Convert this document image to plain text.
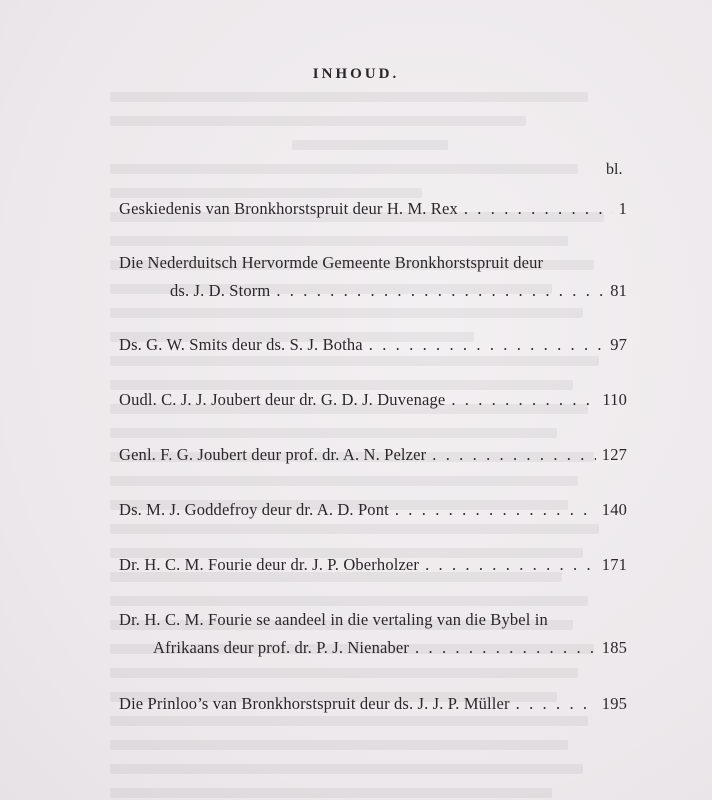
INHOUD.
bl.
Geskiedenis van Bronkhorstspruit deur H. M. Rex . . .	1
Die Nederduitsch Hervormde Gemeente Bronkhorstspruit deur
ds. J. D. Storm . . .	81
Ds. G. W. Smits deur ds. S. J. Botha . . .	97
Oudl. C. J. J. Joubert deur dr. G. D. J. Duvenage . . .	110
Genl. F. G. Joubert deur prof. dr. A. N. Pelzer . . .	127
Ds. M. J. Goddefroy deur dr. A. D. Pont . . .	140
Dr. H. C. M. Fourie deur dr. J. P. Oberholzer . . .	171
Dr. H. C. M. Fourie se aandeel in die vertaling van die Bybel in
Afrikaans deur prof. dr. P. J. Nienaber . . .	185
Die Prinloo’s van Bronkhorstspruit deur ds. J. J. P. Müller . . .	195
